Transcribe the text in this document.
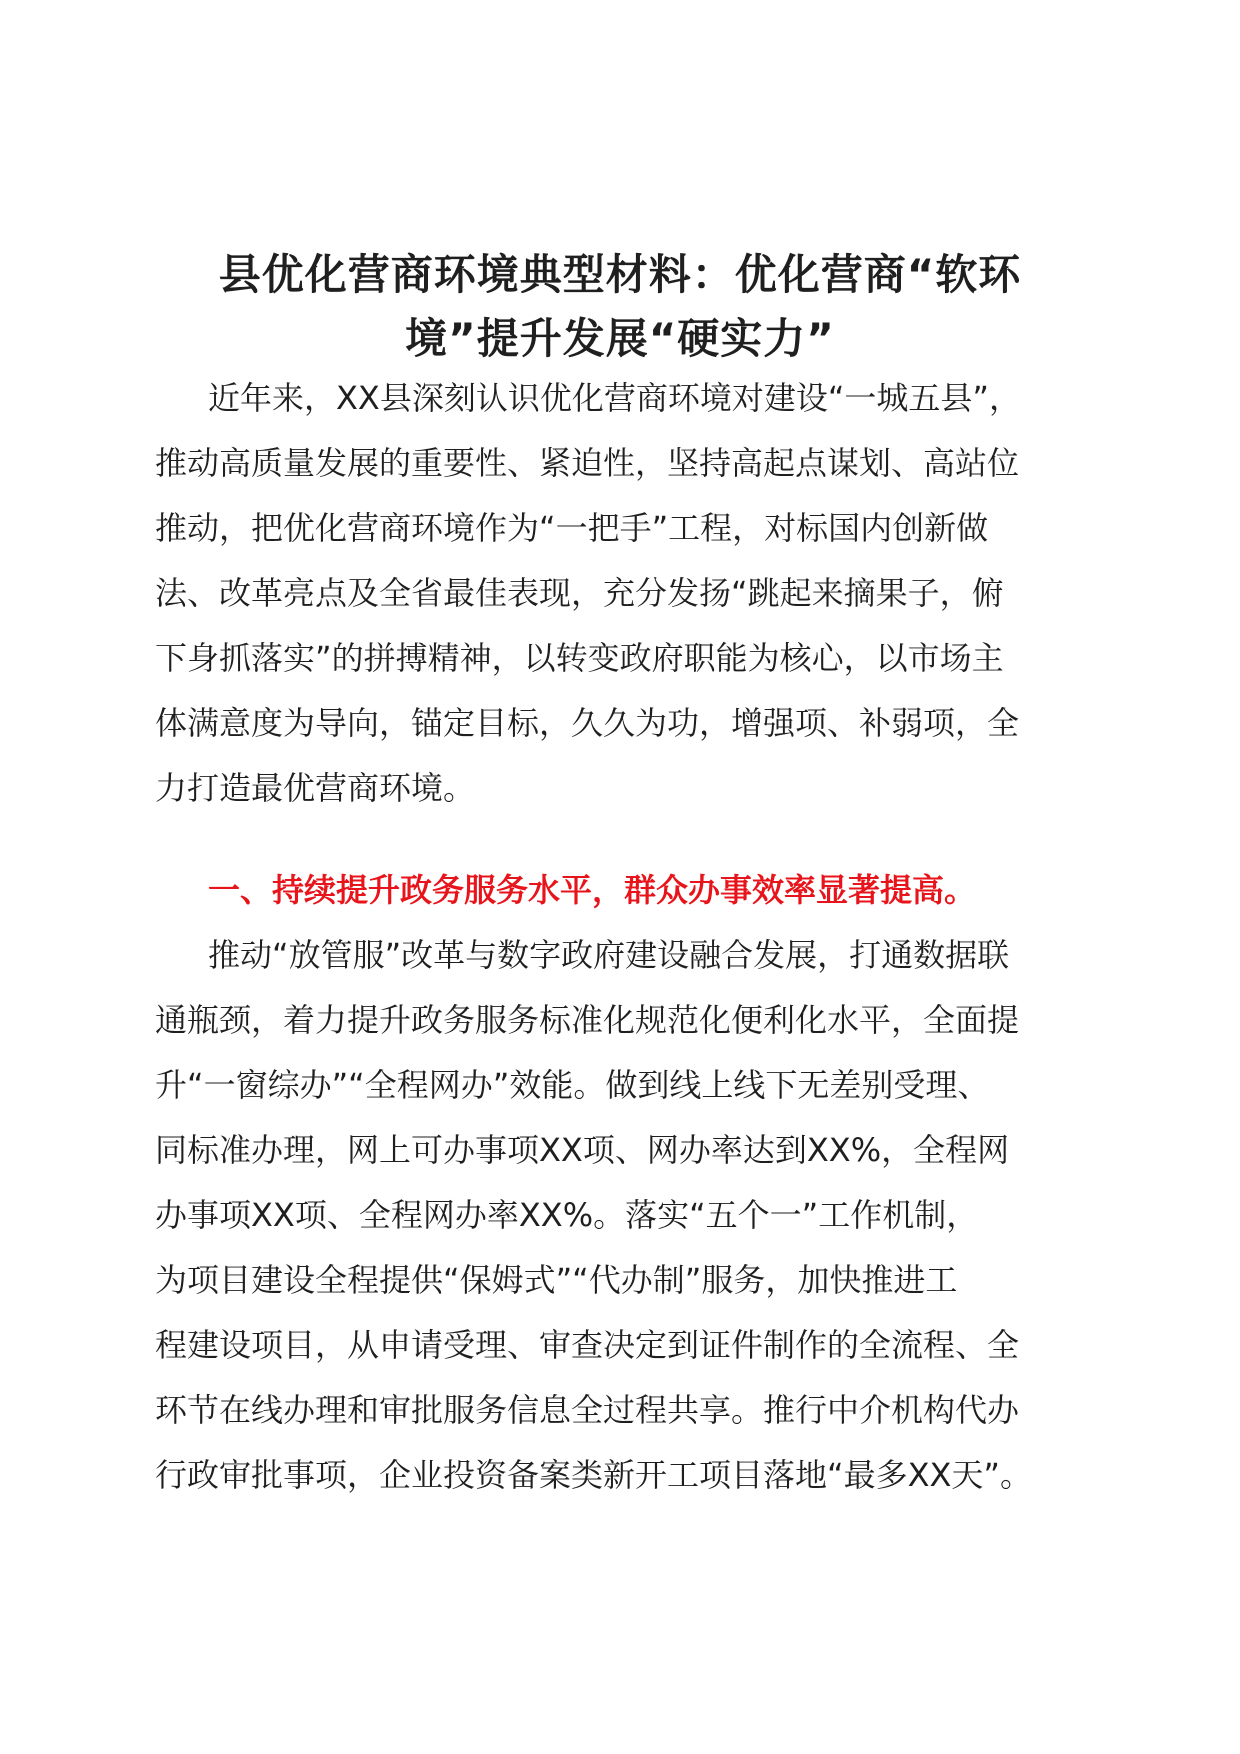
县优化营商环境典型材料：优化营商“软环
境”提升发展“硬实力”

近年来，XX县深刻认识优化营商环境对建设“一城五县”，
推动高质量发展的重要性、紧迫性，坚持高起点谋划、高站位
推动，把优化营商环境作为“一把手”工程，对标国内创新做
法、改革亮点及全省最佳表现，充分发扬“跳起来摘果子，俯
下身抓落实”的拼搏精神，以转变政府职能为核心，以市场主
体满意度为导向，锚定目标，久久为功，增强项、补弱项，全
力打造最优营商环境。

一、持续提升政务服务水平，群众办事效率显著提高。

推动“放管服”改革与数字政府建设融合发展，打通数据联
通瓶颈，着力提升政务服务标准化规范化便利化水平，全面提
升“一窗综办”“全程网办”效能。做到线上线下无差别受理、
同标准办理，网上可办事项XX项、网办率达到XX%，全程网
办事项XX项、全程网办率XX%。落实“五个一”工作机制，
为项目建设全程提供“保姆式”“代办制”服务，加快推进工
程建设项目，从申请受理、审查决定到证件制作的全流程、全
环节在线办理和审批服务信息全过程共享。推行中介机构代办
行政审批事项，企业投资备案类新开工项目落地“最多XX天”。
